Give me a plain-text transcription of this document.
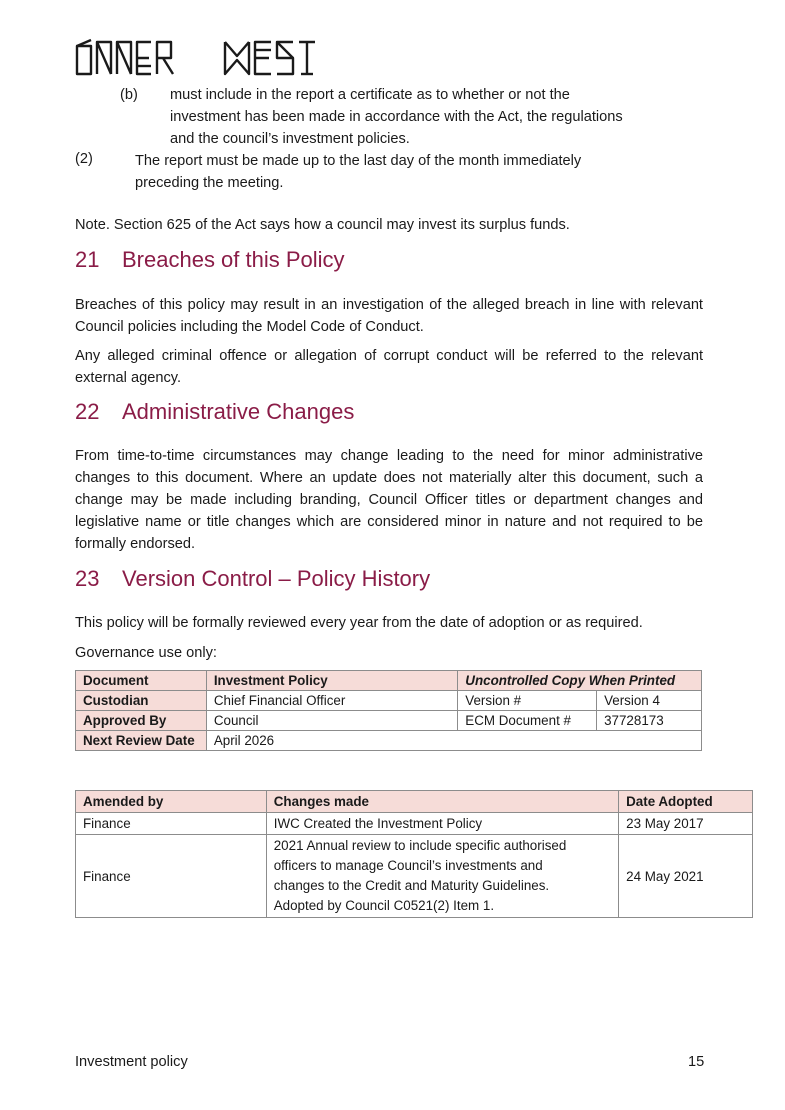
(b) must include in the report a certificate as to whether or not the
investment has been made in accordance with the Act, the regulations
and the council’s investment policies.
(2)	The report must be made up to the last day of the month immediately
preceding the meeting.
Note. Section 625 of the Act says how a council may invest its surplus funds.
21 Breaches of this Policy
Breaches of this policy may result in an investigation of the alleged breach in line with relevant Council policies including the Model Code of Conduct.
Any alleged criminal offence or allegation of corrupt conduct will be referred to the relevant external agency.
22 Administrative Changes
From time-to-time circumstances may change leading to the need for minor administrative changes to this document. Where an update does not materially alter this document, such a change may be made including branding, Council Officer titles or department changes and legislative name or title changes which are considered minor in nature and not required to be formally endorsed.
23 Version Control – Policy History
This policy will be formally reviewed every year from the date of adoption or as required.
Governance use only:
Document	Investment Policy	Uncontrolled Copy When Printed	
Custodian	Chief Financial Officer	Version #	Version 4
Approved By	Council	ECM Document #	37728173
Next Review Date	April 2026		
Amended by	Changes made	Date Adopted
Finance	IWC Created the Investment Policy	23 May 2017
Finance	2021 Annual review to include specific authorised
officers to manage Council’s investments and
changes to the Credit and Maturity Guidelines.
Adopted by Council C0521(2) Item 1.	24 May 2021
Investment policy	15
